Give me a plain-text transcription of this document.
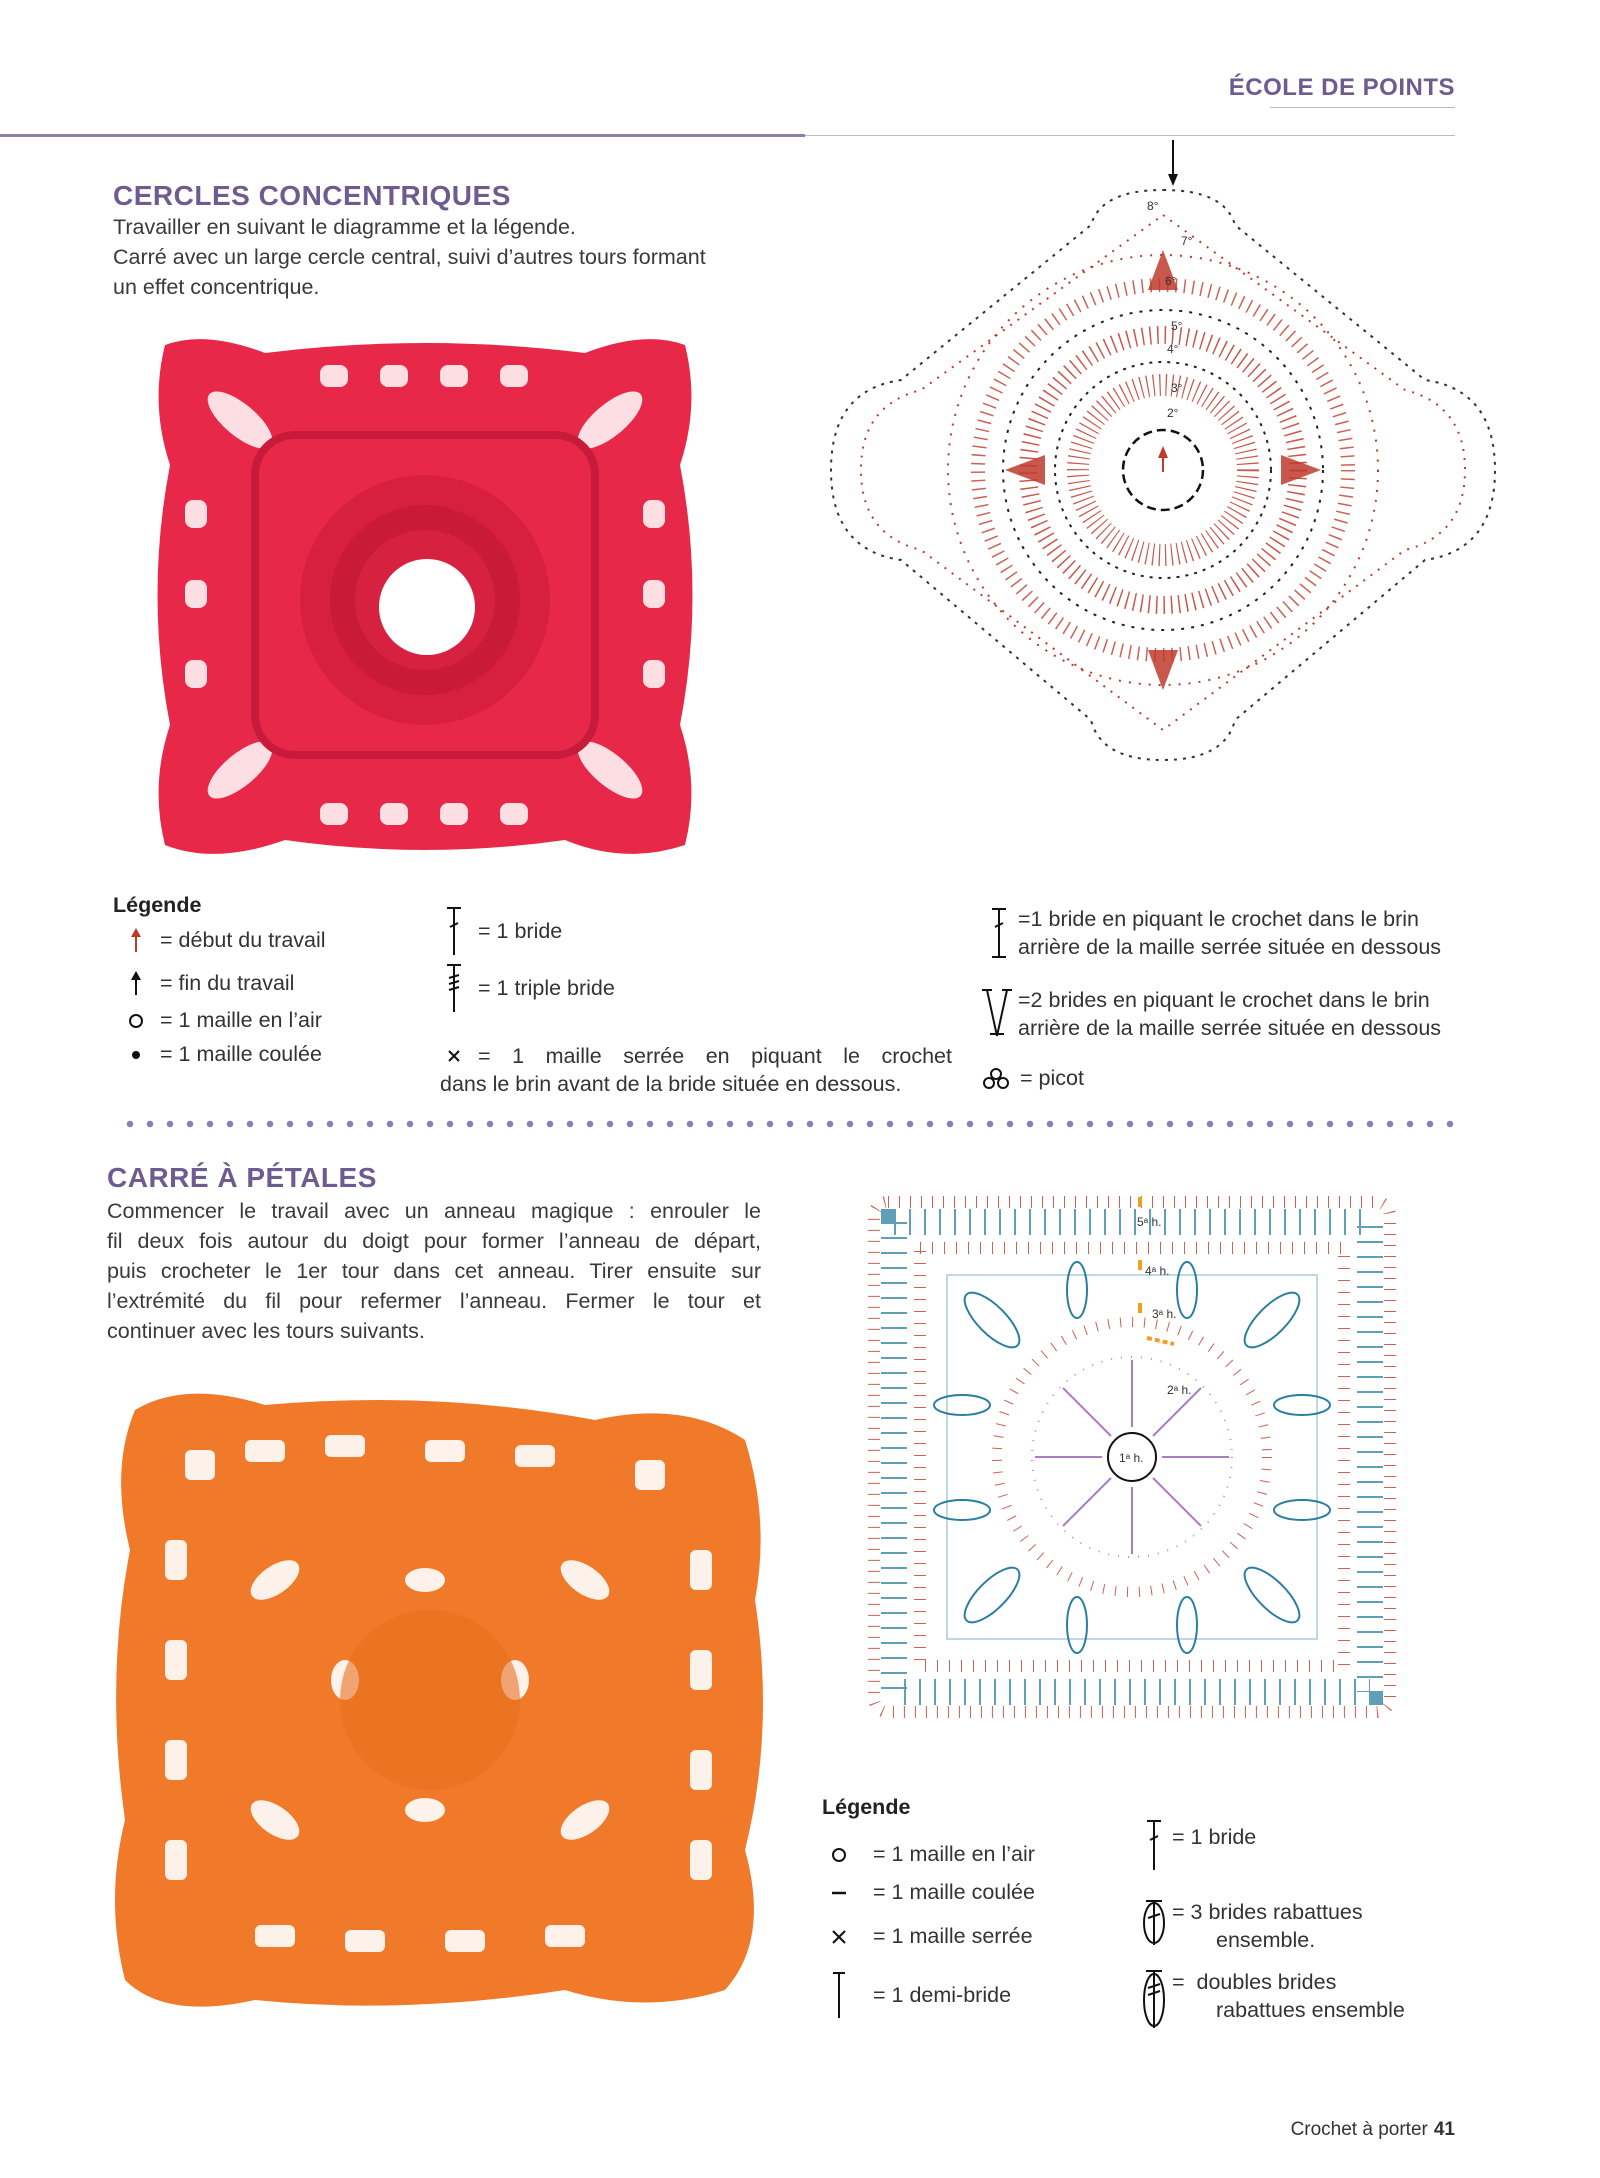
ÉCOLE DE POINTS
CERCLES CONCENTRIQUES
Travailler en suivant le diagramme et la légende.
Carré avec un large cercle central, suivi d’autres tours formant
un effet concentrique.
8°
7°
6°
5°
4°
3°
2°
Légende
= début du travail
= fin du travail
= 1 maille en l’air
= 1 maille coulée
= 1 bride
= 1 triple bride
= 1 maille serrée en piquant le crochet
dans le brin avant de la bride située en dessous.
=1 bride en piquant le crochet dans le brin
arrière de la maille serrée située en dessous
=2 brides en piquant le crochet dans le brin
arrière de la maille serrée située en dessous
= picot
CARRÉ À PÉTALES
Commencer le travail avec un anneau magique : enrouler le
fil deux fois autour du doigt pour former l’anneau de départ,
puis crocheter le 1er tour dans cet anneau. Tirer ensuite sur
l’extrémité du fil pour refermer l’anneau. Fermer le tour et
continuer avec les tours suivants.
5ᵃ h.
4ᵃ h.
3ᵃ h.
2ᵃ h.
1ᵃ h.
Légende
= 1 maille en l’air
= 1 maille coulée
= 1 maille serrée
= 1 demi-bride
= 1 bride
= 3 brides rabattues
ensemble.
=  doubles brides
rabattues ensemble
Crochet à porter 41
